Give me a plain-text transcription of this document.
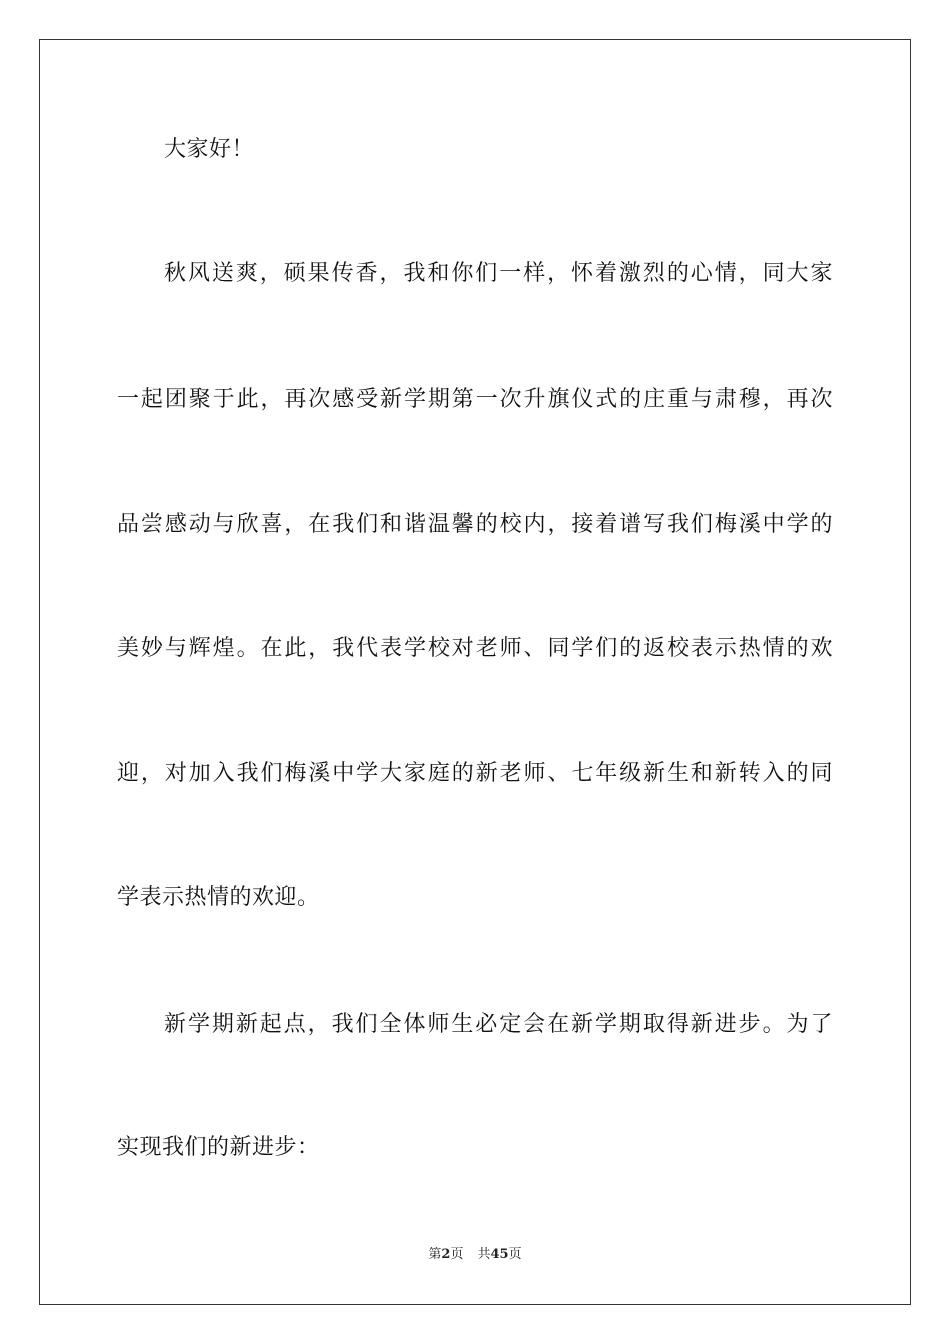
大家好！
秋风送爽，硕果传香，我和你们一样，怀着激烈的心情，同大家
一起团聚于此，再次感受新学期第一次升旗仪式的庄重与肃穆，再次
品尝感动与欣喜，在我们和谐温馨的校内，接着谱写我们梅溪中学的
美妙与辉煌。在此，我代表学校对老师、同学们的返校表示热情的欢
迎，对加入我们梅溪中学大家庭的新老师、七年级新生和新转入的同
学表示热情的欢迎。
新学期新起点，我们全体师生必定会在新学期取得新进步。为了
实现我们的新进步：
第2页 共45页
